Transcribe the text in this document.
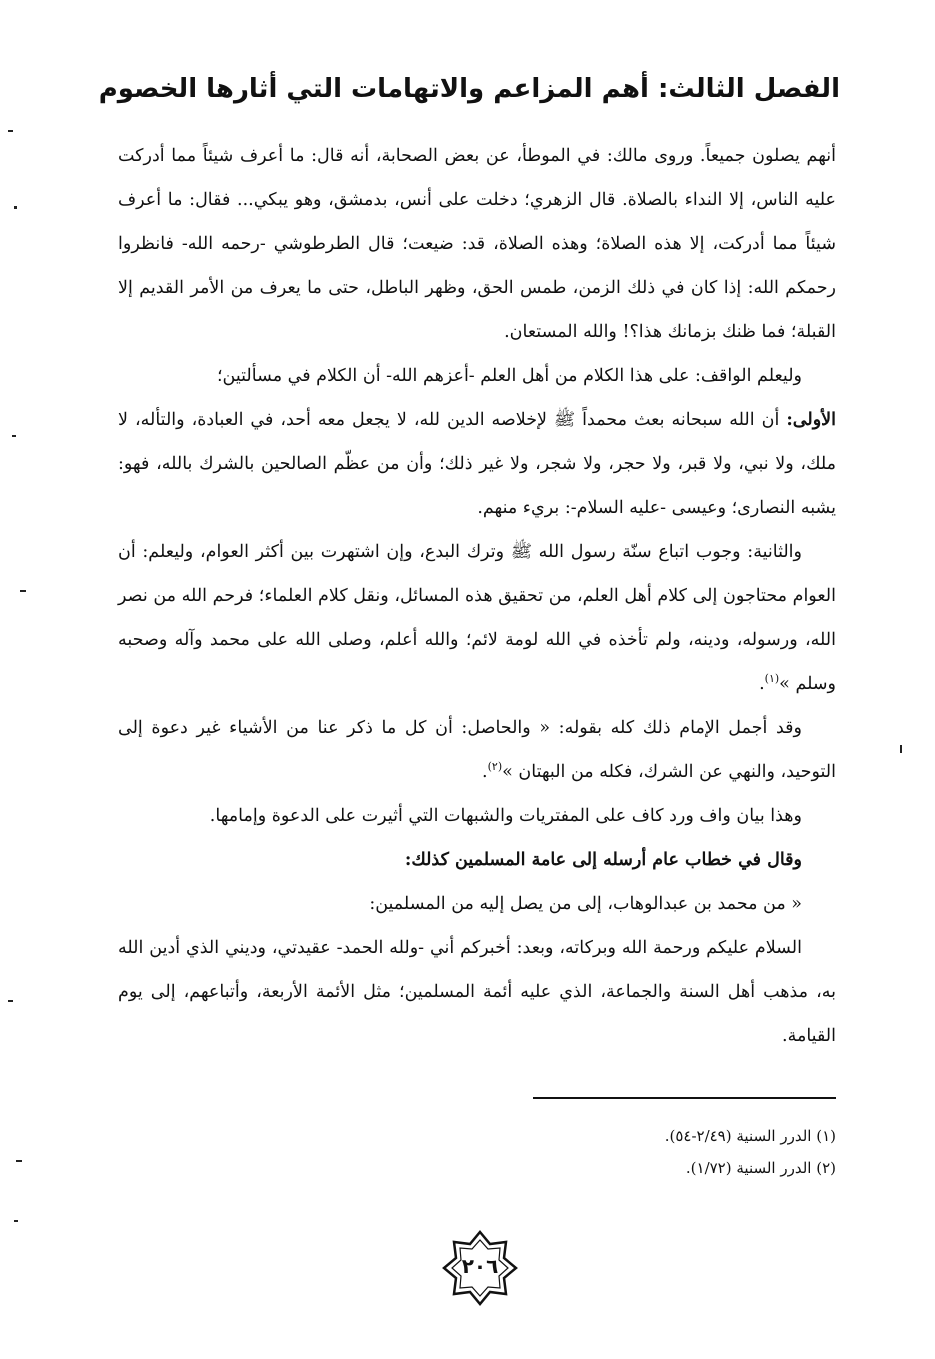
الفصل الثالث: أهم المزاعم والاتهامات التي أثارها الخصوم

أنهم يصلون جميعاً. وروى مالك: في الموطأ، عن بعض الصحابة، أنه قال: ما أعرف شيئاً مما أدركت عليه الناس، إلا النداء بالصلاة. قال الزهري؛ دخلت على أنس، بدمشق، وهو يبكي... فقال: ما أعرف شيئاً مما أدركت، إلا هذه الصلاة؛ وهذه الصلاة، قد: ضيعت؛ قال الطرطوشي -رحمه الله- فانظروا رحمكم الله: إذا كان في ذلك الزمن، طمس الحق، وظهر الباطل، حتى ما يعرف من الأمر القديم إلا القبلة؛ فما ظنك بزمانك هذا؟! والله المستعان.

وليعلم الواقف: على هذا الكلام من أهل العلم -أعزهم الله- أن الكلام في مسألتين؛

الأولى: أن الله سبحانه بعث محمداً ﷺ لإخلاصه الدين لله، لا يجعل معه أحد، في العبادة، والتأله، لا ملك، ولا نبي، ولا قبر، ولا حجر، ولا شجر، ولا غير ذلك؛ وأن من عظّم الصالحين بالشرك بالله، فهو: يشبه النصارى؛ وعيسى -عليه السلام-: بريء منهم.

والثانية: وجوب اتباع سنّة رسول الله ﷺ وترك البدع، وإن اشتهرت بين أكثر العوام، وليعلم: أن العوام محتاجون إلى كلام أهل العلم، من تحقيق هذه المسائل، ونقل كلام العلماء؛ فرحم الله من نصر الله، ورسوله، ودينه، ولم تأخذه في الله لومة لائم؛ والله أعلم، وصلى الله على محمد وآله وصحبه وسلم »$^{(١)}$.

وقد أجمل الإمام ذلك كله بقوله: « والحاصل: أن كل ما ذكر عنا من الأشياء غير دعوة إلى التوحيد، والنهي عن الشرك، فكله من البهتان »$^{(٢)}$.

وهذا بيان واف ورد كاف على المفتريات والشبهات التي أثيرت على الدعوة وإمامها.

وقال في خطاب عام أرسله إلى عامة المسلمين كذلك:

« من محمد بن عبدالوهاب، إلى من يصل إليه من المسلمين:

السلام عليكم ورحمة الله وبركاته، وبعد: أخبركم أني -ولله الحمد- عقيدتي، وديني الذي أدين الله به، مذهب أهل السنة والجماعة، الذي عليه أئمة المسلمين؛ مثل الأئمة الأربعة، وأتباعهم، إلى يوم القيامة.

(١) الدرر السنية (٢/٤٩-٥٤).

(٢) الدرر السنية (١/٧٢).

٢٠٦
